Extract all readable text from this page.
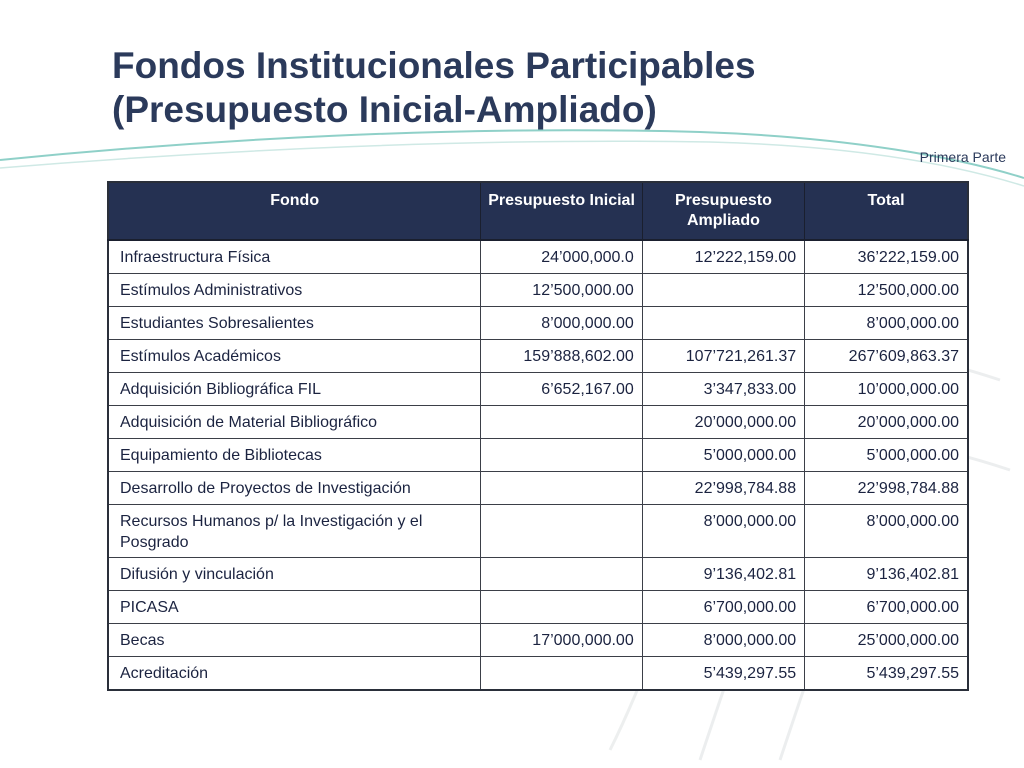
Fondos Institucionales Participables
(Presupuesto Inicial-Ampliado)
Primera Parte
Fondo	Presupuesto Inicial	Presupuesto Ampliado	Total
Infraestructura Física	24’000,000.0	12’222,159.00	36’222,159.00
Estímulos Administrativos	12’500,000.00		12’500,000.00
Estudiantes Sobresalientes	8’000,000.00		8’000,000.00
Estímulos Académicos	159’888,602.00	107’721,261.37	267’609,863.37
Adquisición Bibliográfica FIL	6’652,167.00	3’347,833.00	10’000,000.00
Adquisición de Material Bibliográfico		20’000,000.00	20’000,000.00
Equipamiento de Bibliotecas		5’000,000.00	5’000,000.00
Desarrollo de Proyectos de Investigación		22’998,784.88	22’998,784.88
Recursos Humanos p/ la Investigación y el Posgrado		8’000,000.00	8’000,000.00
Difusión y vinculación		9’136,402.81	9’136,402.81
PICASA		6’700,000.00	6’700,000.00
Becas	17’000,000.00	8’000,000.00	25’000,000.00
Acreditación		5’439,297.55	5’439,297.55
